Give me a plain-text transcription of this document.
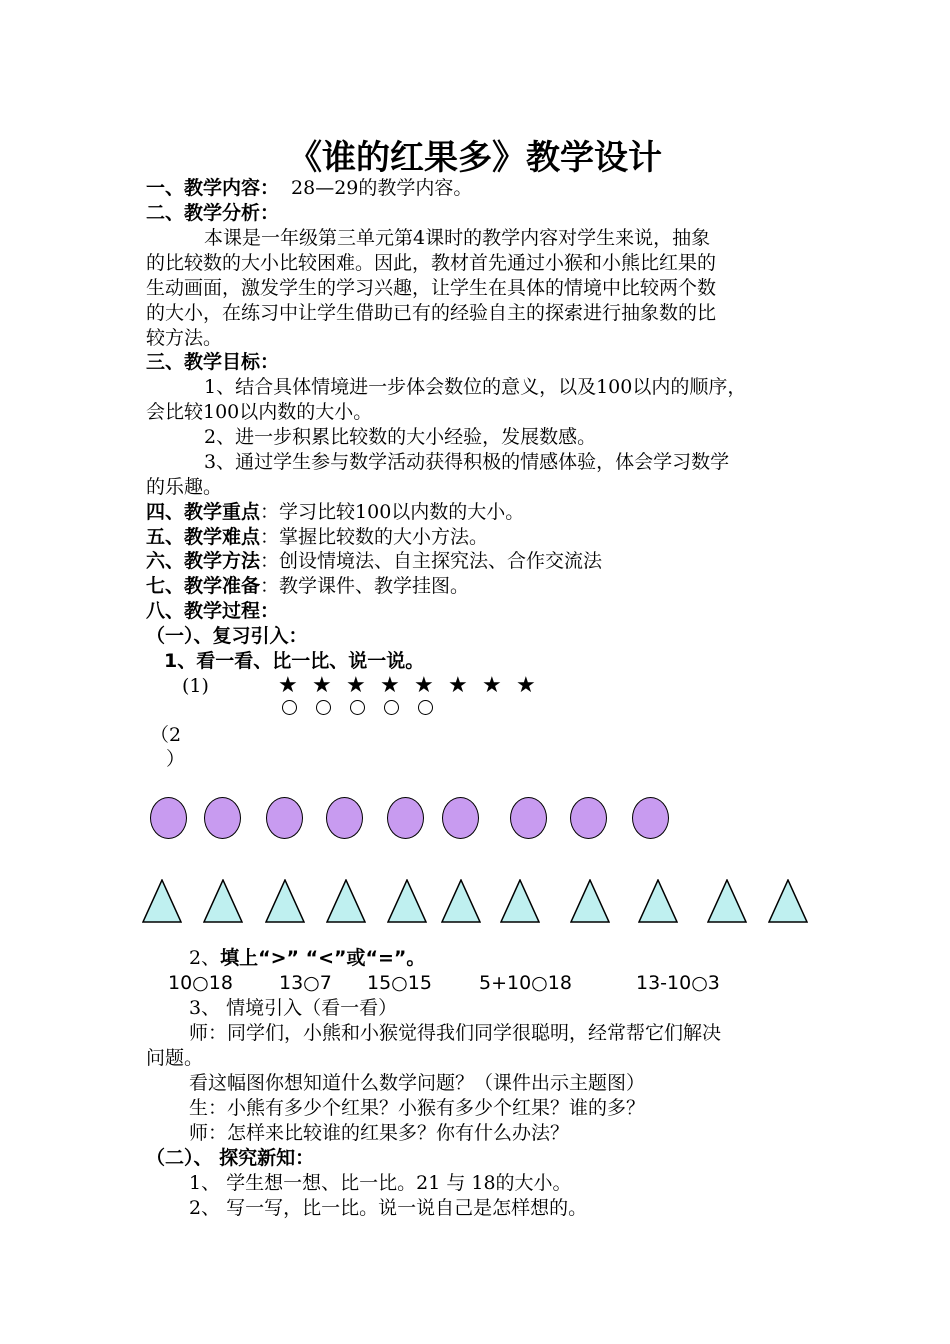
《谁的红果多》教学设计
一、教学内容： 28—29的教学内容。
二、教学分析：
本课是一年级第三单元第4课时的教学内容对学生来说，抽象
的比较数的大小比较困难。因此，教材首先通过小猴和小熊比红果的
生动画面，激发学生的学习兴趣，让学生在具体的情境中比较两个数
的大小，在练习中让学生借助已有的经验自主的探索进行抽象数的比
较方法。
三、教学目标：
1、结合具体情境进一步体会数位的意义，以及100以内的顺序，
会比较100以内数的大小。
2、进一步积累比较数的大小经验，发展数感。
3、通过学生参与数学活动获得积极的情感体验，体会学习数学
的乐趣。
四、教学重点：学习比较100以内数的大小。
五、教学难点：掌握比较数的大小方法。
六、教学方法：创设情境法、自主探究法、合作交流法
七、教学准备：教学课件、教学挂图。
八、教学过程：
（一）、复习引入：
1、看一看、比一比、说一说。
(1)	★ ★ ★ ★ ★ ★ ★ ★
（2
）
2、填上“>” “<”或“=”。
10○18 13○7 15○15 5+10○18	13-10○3
3、 情境引入（看一看）
师：同学们，小熊和小猴觉得我们同学很聪明，经常帮它们解决
问题。
看这幅图你想知道什么数学问题？（课件出示主题图）
生：小熊有多少个红果？小猴有多少个红果？谁的多？
师：怎样来比较谁的红果多？你有什么办法？
（二）、 探究新知：
1、 学生想一想、比一比。21 与 18的大小。
2、 写一写，比一比。说一说自己是怎样想的。
